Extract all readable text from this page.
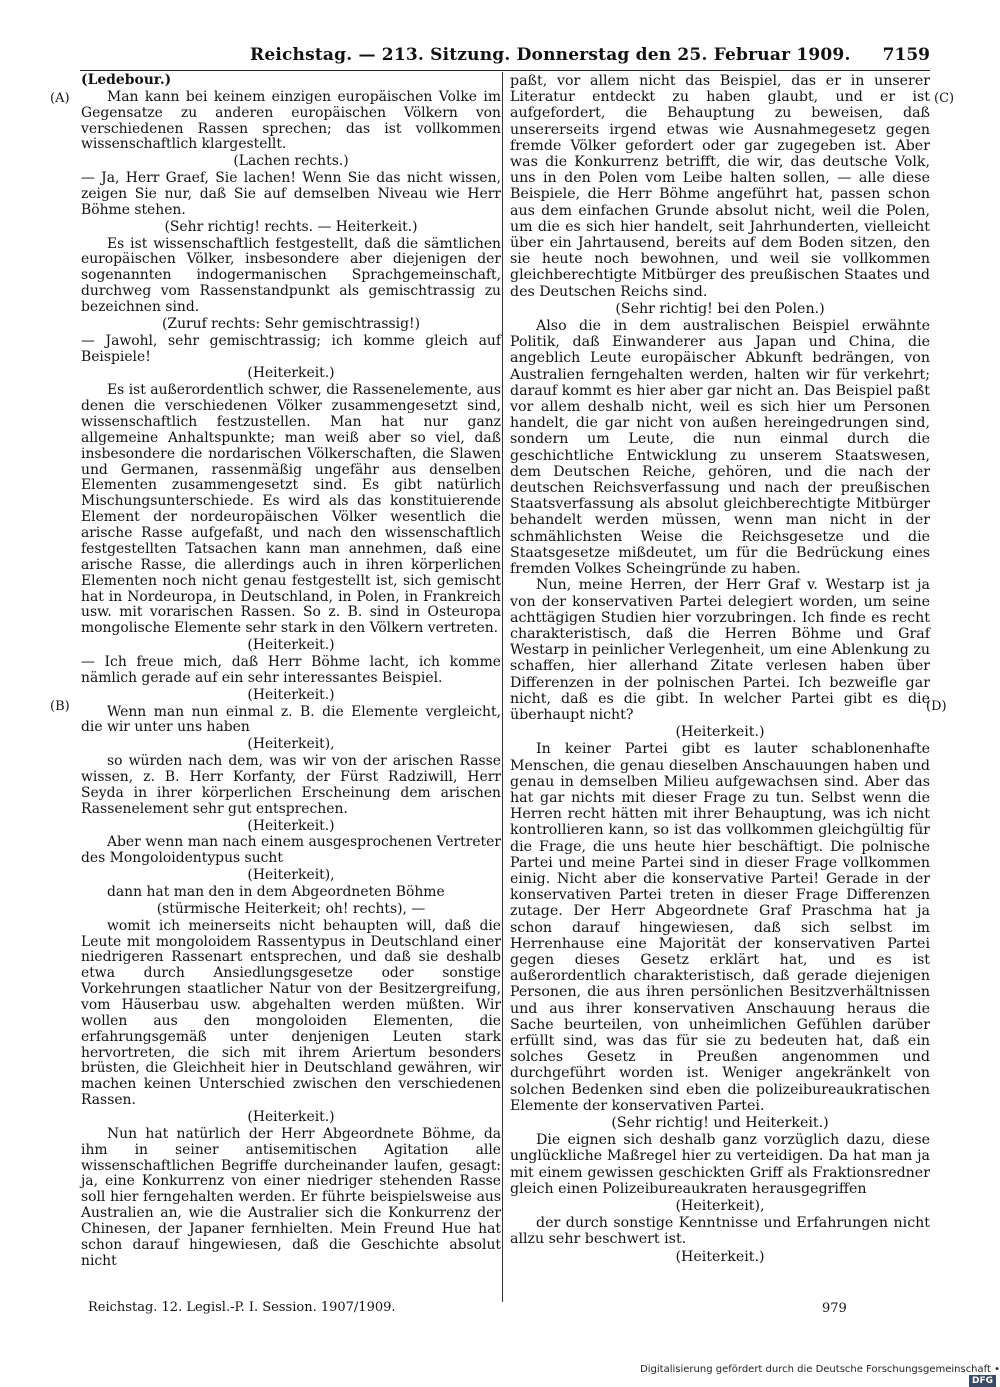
Reichstag. — 213. Sitzung. Donnerstag den 25. Februar 1909. 7159
(A)
(B)
(C)
(D)

(Ledebour.)

Man kann bei keinem einzigen europäischen Volke im Gegensatze zu anderen europäischen Völkern von verschiedenen Rassen sprechen; das ist vollkommen wissenschaftlich klargestellt.

(Lachen rechts.)

— Ja, Herr Graef, Sie lachen! Wenn Sie das nicht wissen, zeigen Sie nur, daß Sie auf demselben Niveau wie Herr Böhme stehen.

(Sehr richtig! rechts. — Heiterkeit.)

Es ist wissenschaftlich festgestellt, daß die sämtlichen europäischen Völker, insbesondere aber diejenigen der sogenannten indogermanischen Sprachgemeinschaft, durchweg vom Rassenstandpunkt als gemischtrassig zu bezeichnen sind.

(Zuruf rechts: Sehr gemischtrassig!)

— Jawohl, sehr gemischtrassig; ich komme gleich auf Beispiele!

(Heiterkeit.)

Es ist außerordentlich schwer, die Rassenelemente, aus denen die verschiedenen Völker zusammengesetzt sind, wissenschaftlich festzustellen. Man hat nur ganz allgemeine Anhaltspunkte; man weiß aber so viel, daß insbesondere die nordarischen Völkerschaften, die Slawen und Germanen, rassenmäßig ungefähr aus denselben Elementen zusammengesetzt sind. Es gibt natürlich Mischungsunterschiede. Es wird als das konstituierende Element der nordeuropäischen Völker wesentlich die arische Rasse aufgefaßt, und nach den wissenschaftlich festgestellten Tatsachen kann man annehmen, daß eine arische Rasse, die allerdings auch in ihren körperlichen Elementen noch nicht genau festgestellt ist, sich gemischt hat in Nordeuropa, in Deutschland, in Polen, in Frankreich usw. mit vorarischen Rassen. So z. B. sind in Osteuropa mongolische Elemente sehr stark in den Völkern vertreten.

(Heiterkeit.)

— Ich freue mich, daß Herr Böhme lacht, ich komme nämlich gerade auf ein sehr interessantes Beispiel.

(Heiterkeit.)

Wenn man nun einmal z. B. die Elemente vergleicht, die wir unter uns haben

(Heiterkeit),

so würden nach dem, was wir von der arischen Rasse wissen, z. B. Herr Korfanty, der Fürst Radziwill, Herr Seyda in ihrer körperlichen Erscheinung dem arischen Rassenelement sehr gut entsprechen.

(Heiterkeit.)

Aber wenn man nach einem ausgesprochenen Vertreter des Mongoloidentypus sucht

(Heiterkeit),

dann hat man den in dem Abgeordneten Böhme

(stürmische Heiterkeit; oh! rechts), —

womit ich meinerseits nicht behaupten will, daß die Leute mit mongoloidem Rassentypus in Deutschland einer niedrigeren Rassenart entsprechen, und daß sie deshalb etwa durch Ansiedlungsgesetze oder sonstige Vorkehrungen staatlicher Natur von der Besitzergreifung, vom Häuserbau usw. abgehalten werden müßten. Wir wollen aus den mongoloiden Elementen, die erfahrungsgemäß unter denjenigen Leuten stark hervortreten, die sich mit ihrem Ariertum besonders brüsten, die Gleichheit hier in Deutschland gewähren, wir machen keinen Unterschied zwischen den verschiedenen Rassen.

(Heiterkeit.)

Nun hat natürlich der Herr Abgeordnete Böhme, da ihm in seiner antisemitischen Agitation alle wissenschaftlichen Begriffe durcheinander laufen, gesagt: ja, eine Konkurrenz von einer niedriger stehenden Rasse soll hier ferngehalten werden. Er führte beispielsweise aus Australien an, wie die Australier sich die Konkurrenz der Chinesen, der Japaner fernhielten. Mein Freund Hue hat schon darauf hingewiesen, daß die Geschichte absolut nicht

paßt, vor allem nicht das Beispiel, das er in unserer Literatur entdeckt zu haben glaubt, und er ist aufgefordert, die Behauptung zu beweisen, daß unsererseits irgend etwas wie Ausnahmegesetz gegen fremde Völker gefordert oder gar zugegeben ist. Aber was die Konkurrenz betrifft, die wir, das deutsche Volk, uns in den Polen vom Leibe halten sollen, — alle diese Beispiele, die Herr Böhme angeführt hat, passen schon aus dem einfachen Grunde absolut nicht, weil die Polen, um die es sich hier handelt, seit Jahrhunderten, vielleicht über ein Jahrtausend, bereits auf dem Boden sitzen, den sie heute noch bewohnen, und weil sie vollkommen gleichberechtigte Mitbürger des preußischen Staates und des Deutschen Reichs sind.

(Sehr richtig! bei den Polen.)

Also die in dem australischen Beispiel erwähnte Politik, daß Einwanderer aus Japan und China, die angeblich Leute europäischer Abkunft bedrängen, von Australien ferngehalten werden, halten wir für verkehrt; darauf kommt es hier aber gar nicht an. Das Beispiel paßt vor allem deshalb nicht, weil es sich hier um Personen handelt, die gar nicht von außen hereingedrungen sind, sondern um Leute, die nun einmal durch die geschichtliche Entwicklung zu unserem Staatswesen, dem Deutschen Reiche, gehören, und die nach der deutschen Reichsverfassung und nach der preußischen Staatsverfassung als absolut gleichberechtigte Mitbürger behandelt werden müssen, wenn man nicht in der schmählichsten Weise die Reichsgesetze und die Staatsgesetze mißdeutet, um für die Bedrückung eines fremden Volkes Scheingründe zu haben.

Nun, meine Herren, der Herr Graf v. Westarp ist ja von der konservativen Partei delegiert worden, um seine achttägigen Studien hier vorzubringen. Ich finde es recht charakteristisch, daß die Herren Böhme und Graf Westarp in peinlicher Verlegenheit, um eine Ablenkung zu schaffen, hier allerhand Zitate verlesen haben über Differenzen in der polnischen Partei. Ich bezweifle gar nicht, daß es die gibt. In welcher Partei gibt es die überhaupt nicht?

(Heiterkeit.)

In keiner Partei gibt es lauter schablonenhafte Menschen, die genau dieselben Anschauungen haben und genau in demselben Milieu aufgewachsen sind. Aber das hat gar nichts mit dieser Frage zu tun. Selbst wenn die Herren recht hätten mit ihrer Behauptung, was ich nicht kontrollieren kann, so ist das vollkommen gleichgültig für die Frage, die uns heute hier beschäftigt. Die polnische Partei und meine Partei sind in dieser Frage vollkommen einig. Nicht aber die konservative Partei! Gerade in der konservativen Partei treten in dieser Frage Differenzen zutage. Der Herr Abgeordnete Graf Praschma hat ja schon darauf hingewiesen, daß sich selbst im Herrenhause eine Majorität der konservativen Partei gegen dieses Gesetz erklärt hat, und es ist außerordentlich charakteristisch, daß gerade diejenigen Personen, die aus ihren persönlichen Besitzverhältnissen und aus ihrer konservativen Anschauung heraus die Sache beurteilen, von unheimlichen Gefühlen darüber erfüllt sind, was das für sie zu bedeuten hat, daß ein solches Gesetz in Preußen angenommen und durchgeführt worden ist. Weniger angekränkelt von solchen Bedenken sind eben die polizeibureaukratischen Elemente der konservativen Partei.

(Sehr richtig! und Heiterkeit.)

Die eignen sich deshalb ganz vorzüglich dazu, diese unglückliche Maßregel hier zu verteidigen. Da hat man ja mit einem gewissen geschickten Griff als Fraktionsredner gleich einen Polizeibureaukraten herausgegriffen

(Heiterkeit),

der durch sonstige Kenntnisse und Erfahrungen nicht allzu sehr beschwert ist.

(Heiterkeit.)

Reichstag. 12. Legisl.-P. I. Session. 1907/1909.	979
Digitalisierung gefördert durch die Deutsche Forschungsgemeinschaft •DFG
